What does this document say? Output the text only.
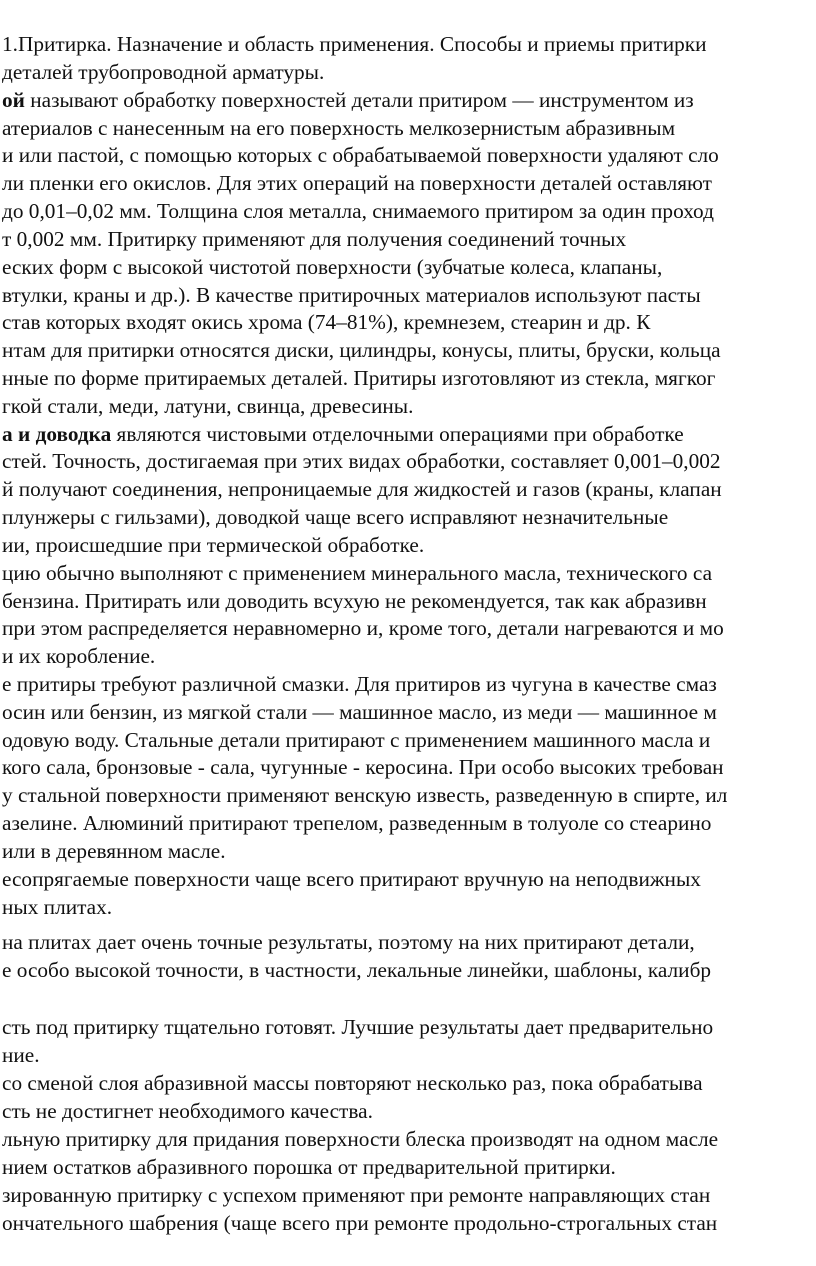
1.Притирка. Назначение и область применения. Способы и приемы притирки
деталей трубопроводной арматуры.
ой называют обработку поверхностей детали притиром — инструментом из
атериалов с нанесенным на его поверхность мелкозернистым абразивным
и или пастой, с помощью которых с обрабатываемой поверхности удаляют сло
ли пленки его окислов. Для этих операций на поверхности деталей оставляют
до 0,01–0,02 мм. Толщина слоя металла, снимаемого притиром за один проход
т 0,002 мм. Притирку применяют для получения соединений точных
еских форм с высокой чистотой поверхности (зубчатые колеса, клапаны,
втулки, краны и др.). В качестве притирочных материалов используют пасты
став которых входят окись хрома (74–81%), кремнезем, стеарин и др. К
нтам для притирки относятся диски, цилиндры, конусы, плиты, бруски, кольца
нные по форме притираемых деталей. Притиры изготовляют из стекла, мягког
гкой стали, меди, латуни, свинца, древесины.
а и доводка являются чистовыми отделочными операциями при обработке
стей. Точность, достигаемая при этих видах обработки, составляет 0,001–0,002
й получают соединения, непроницаемые для жидкостей и газов (краны, клапан
плунжеры с гильзами), доводкой чаще всего исправляют незначительные
ии, происшедшие при термической обработке.
цию обычно выполняют с применением минерального масла, технического са
бензина. Притирать или доводить всухую не рекомендуется, так как абразивн
при этом распределяется неравномерно и, кроме того, детали нагреваются и мо
и их коробление.
е притиры требуют различной смазки. Для притиров из чугуна в качестве смаз
осин или бензин, из мягкой стали — машинное масло, из меди — машинное м
одовую воду. Стальные детали притирают с применением машинного масла и
кого сала, бронзовые - сала, чугунные - керосина. При особо высоких требован
у стальной поверхности применяют венскую известь, разведенную в спирте, ил
азелине. Алюминий притирают трепелом, разведенным в толуоле со стеарино
или в деревянном масле.
есопрягаемые поверхности чаще всего притирают вручную на неподвижных
ных плитах.
на плитах дает очень точные результаты, поэтому на них притирают детали,
е особо высокой точности, в частности, лекальные линейки, шаблоны, калибр
сть под притирку тщательно готовят. Лучшие результаты дает предварительно
ние.
со сменой слоя абразивной массы повторяют несколько раз, пока обрабатыва
сть не достигнет необходимого качества.
льную притирку для придания поверхности блеска производят на одном масле
нием остатков абразивного порошка от предварительной притирки.
зированную притирку с успехом применяют при ремонте направляющих стан
ончательного шабрения (чаще всего при ремонте продольно-строгальных стан
